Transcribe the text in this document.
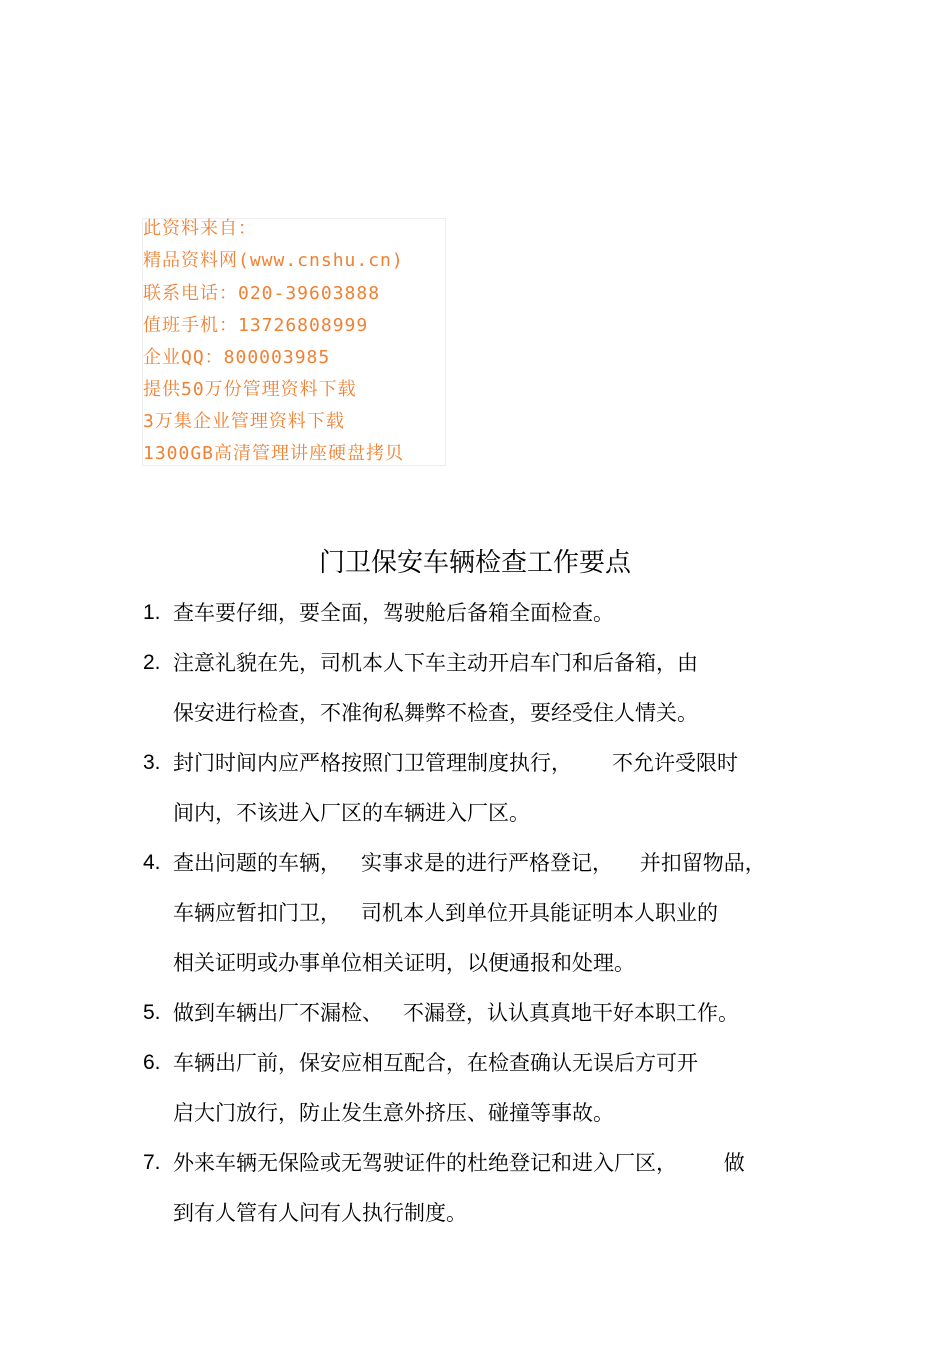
此资料来自：
精品资料网(www.cnshu.cn)
联系电话：020-39603888
值班手机：13726808999
企业QQ：800003985
提供50万份管理资料下载
3万集企业管理资料下载
1300GB高清管理讲座硬盘拷贝
门卫保安车辆检查工作要点
1. 查车要仔细，要全面，驾驶舱后备箱全面检查。
2. 注意礼貌在先，司机本人下车主动开启车门和后备箱，由
保安进行检查，不准徇私舞弊不检查，要经受住人情关。
3. 封门时间内应严格按照门卫管理制度执行，      不允许受限时
间内，不该进入厂区的车辆进入厂区。
4. 查出问题的车辆，   实事求是的进行严格登记，    并扣留物品，
车辆应暂扣门卫，   司机本人到单位开具能证明本人职业的
相关证明或办事单位相关证明，以便通报和处理。
5. 做到车辆出厂不漏检、   不漏登，认认真真地干好本职工作。
6. 车辆出厂前，保安应相互配合，在检查确认无误后方可开
启大门放行，防止发生意外挤压、碰撞等事故。
7. 外来车辆无保险或无驾驶证件的杜绝登记和进入厂区，       做
到有人管有人问有人执行制度。
